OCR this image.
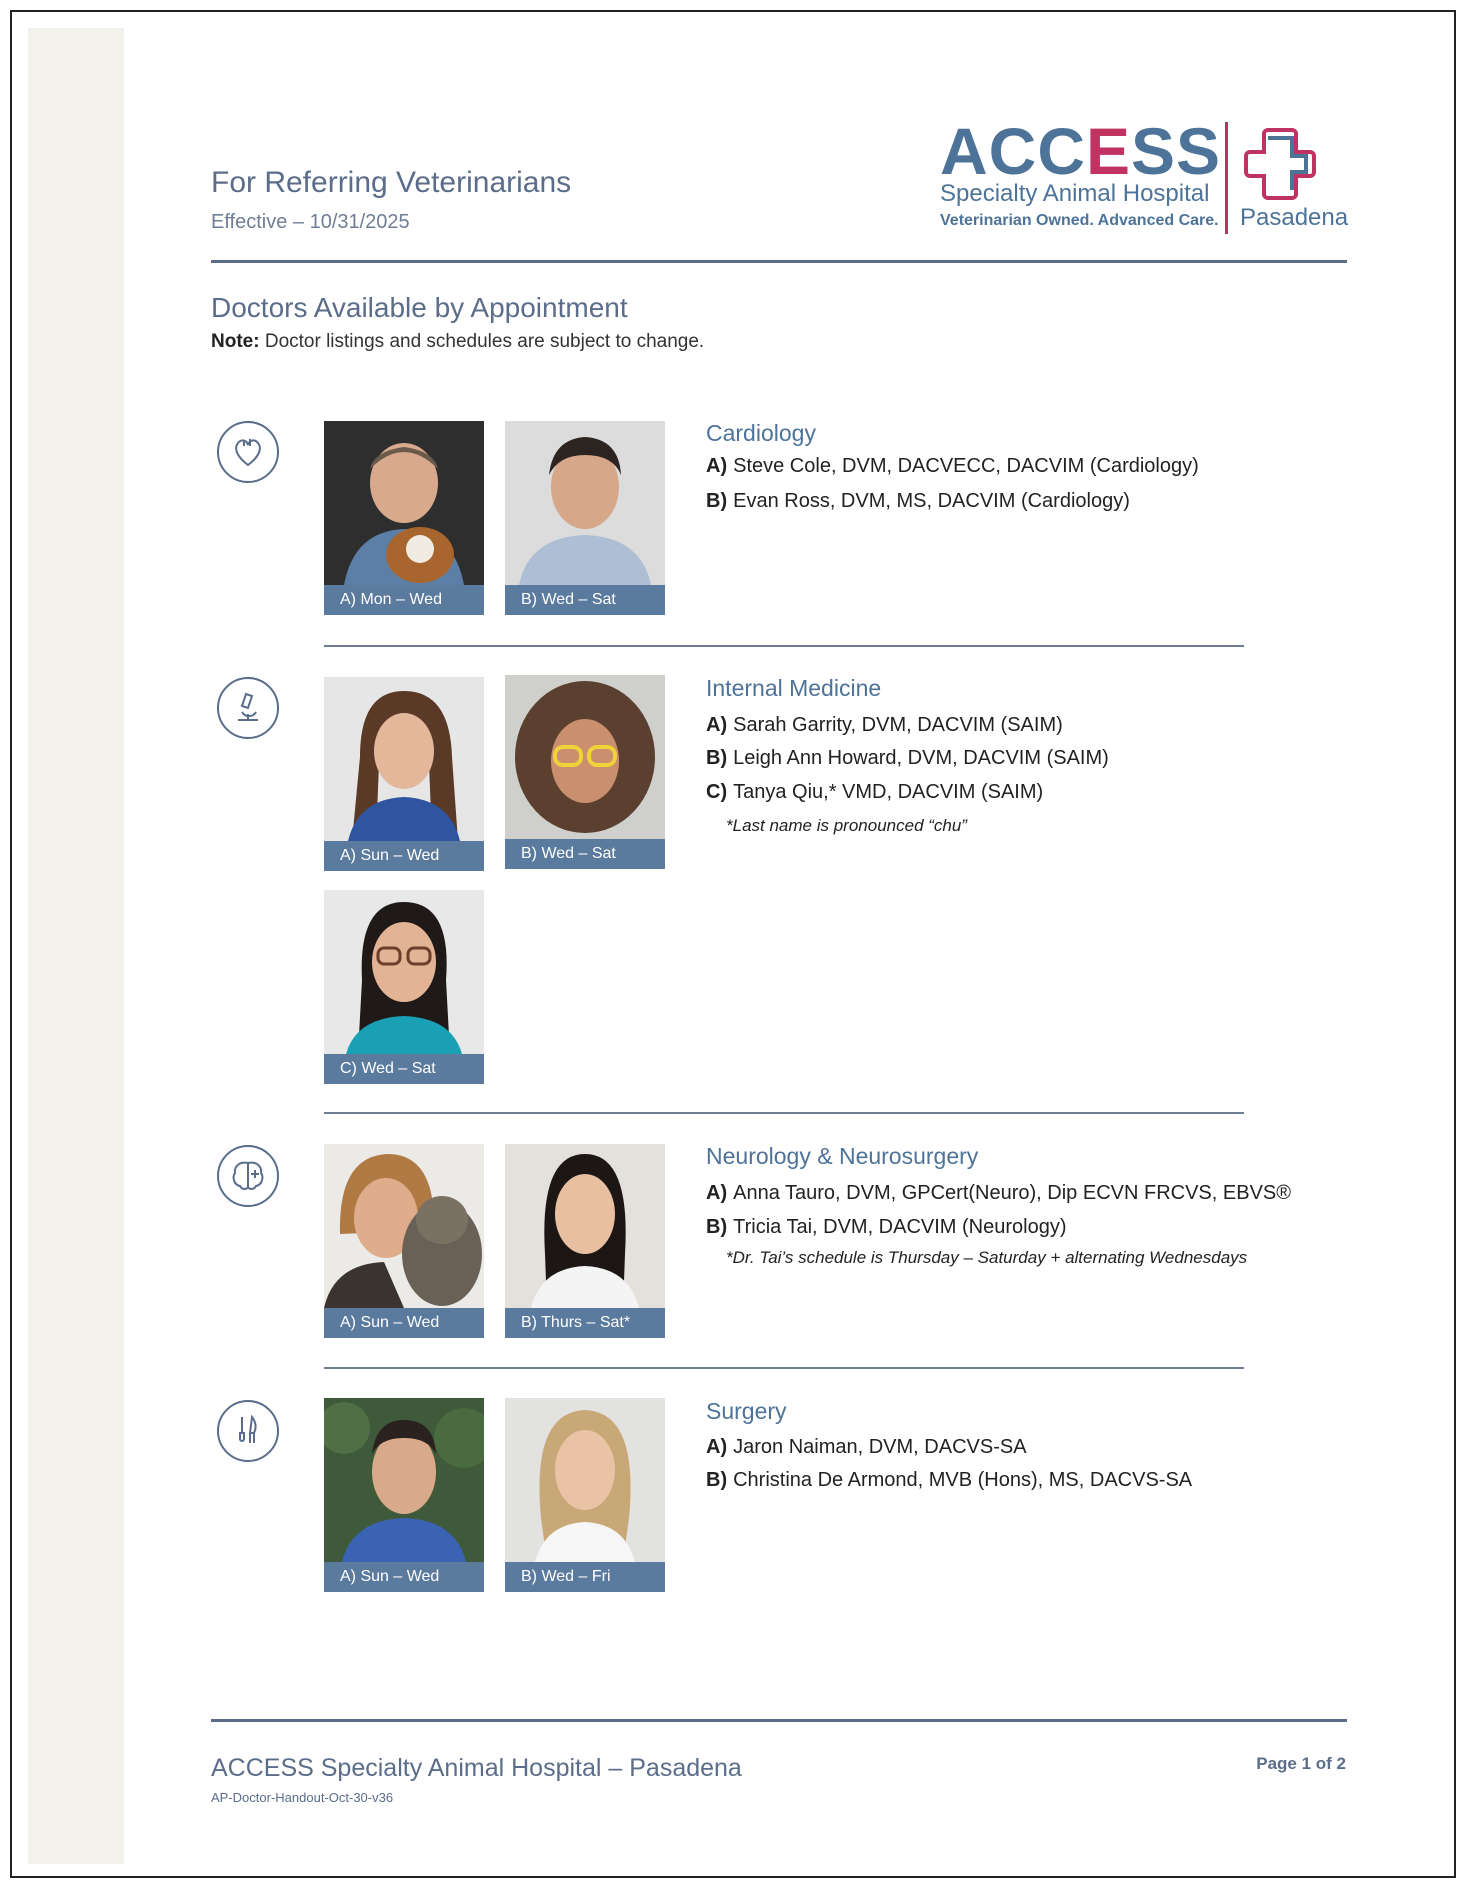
For Referring Veterinarians
Effective – 10/31/2025
ACCESS
Specialty Animal Hospital
Veterinarian Owned. Advanced Care. Pasadena
Doctors Available by Appointment
Note: Doctor listings and schedules are subject to change.
A) Mon – Wed	B) Wed – Sat
Cardiology
A) Steve Cole, DVM, DACVECC, DACVIM (Cardiology)
B) Evan Ross, DVM, MS, DACVIM (Cardiology)
A) Sun – Wed	B) Wed – Sat
C) Wed – Sat
Internal Medicine
A) Sarah Garrity, DVM, DACVIM (SAIM)
B) Leigh Ann Howard, DVM, DACVIM (SAIM)
C) Tanya Qiu,* VMD, DACVIM (SAIM)
*Last name is pronounced “chu”
A) Sun – Wed	B) Thurs – Sat*
Neurology & Neurosurgery
A) Anna Tauro, DVM, GPCert(Neuro), Dip ECVN FRCVS, EBVS®
B) Tricia Tai, DVM, DACVIM (Neurology)
*Dr. Tai’s schedule is Thursday – Saturday + alternating Wednesdays
A) Sun – Wed	B) Wed – Fri
Surgery
A) Jaron Naiman, DVM, DACVS-SA
B) Christina De Armond, MVB (Hons), MS, DACVS-SA
ACCESS Specialty Animal Hospital – Pasadena
AP-Doctor-Handout-Oct-30-v36
Page 1 of 2
